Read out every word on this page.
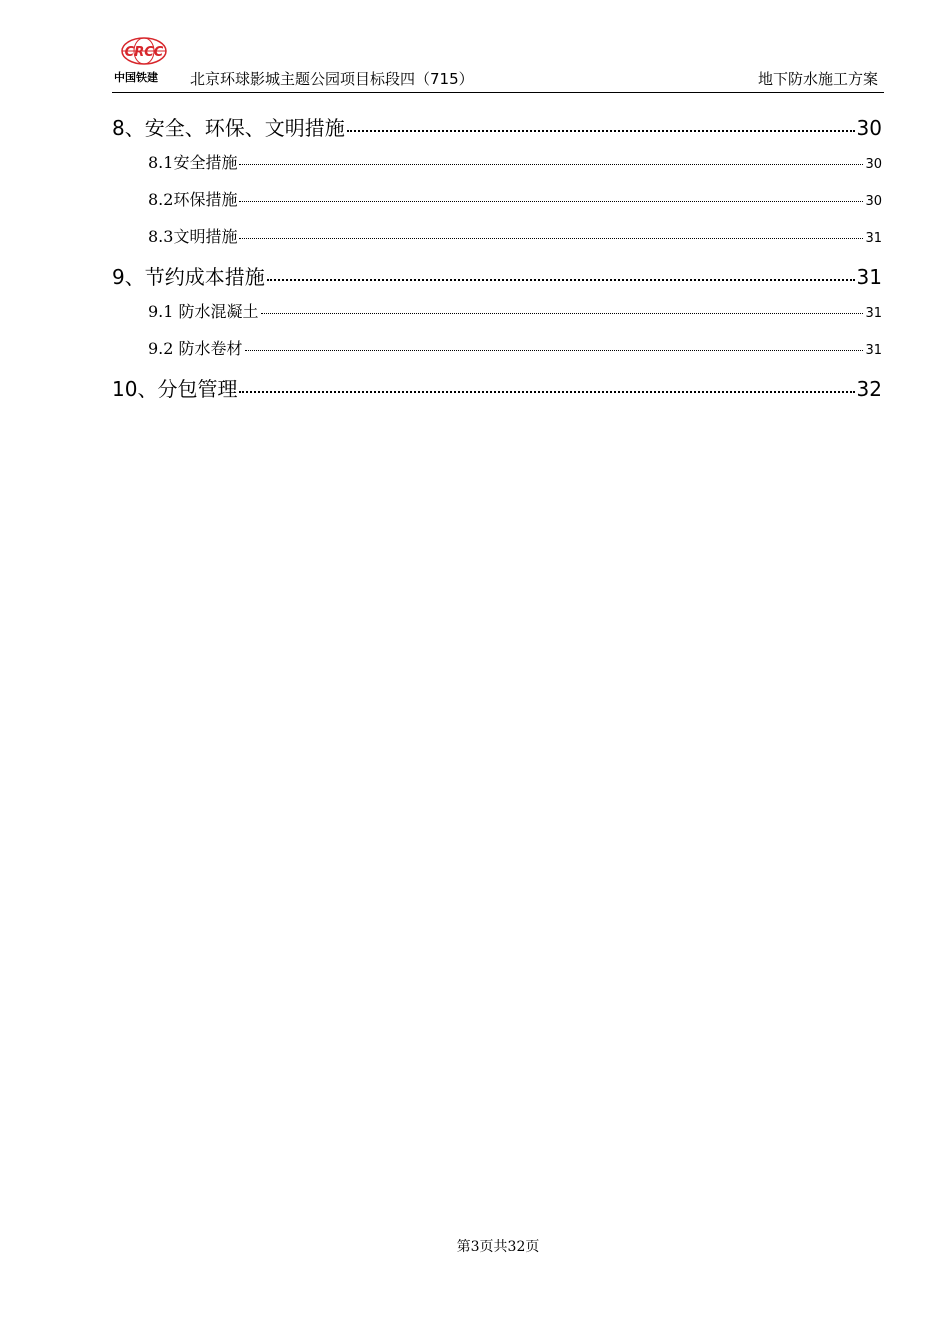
CRCC
中国铁建 北京环球影城主题公园项目标段四（715）	地下防水施工方案
8、安全、环保、文明措施	30
8.1安全措施	30
8.2环保措施	30
8.3文明措施	31
9、节约成本措施	31
9.1 防水混凝土	31
9.2 防水卷材	31
10、分包管理	32
第3页共32页
